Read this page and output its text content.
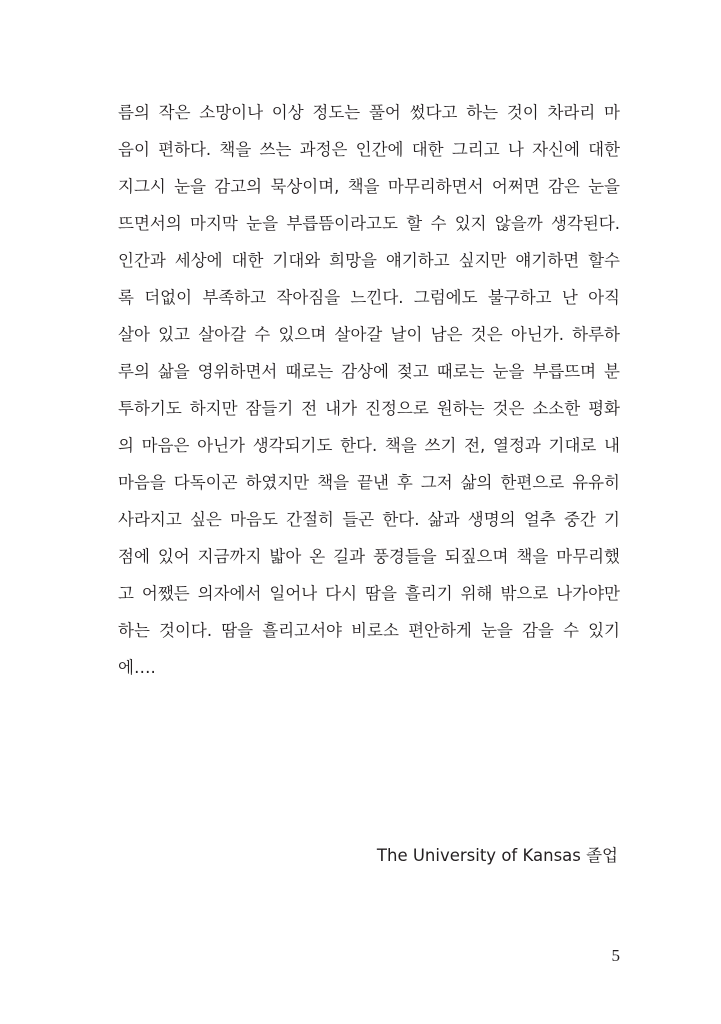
름의 작은 소망이나 이상 정도는 풀어 썼다고 하는 것이 차라리 마
음이 편하다. 책을 쓰는 과정은 인간에 대한 그리고 나 자신에 대한
지그시 눈을 감고의 묵상이며, 책을 마무리하면서 어쩌면 감은 눈을
뜨면서의 마지막 눈을 부릅뜸이라고도 할 수 있지 않을까 생각된다.
인간과 세상에 대한 기대와 희망을 얘기하고 싶지만 얘기하면 할수
록 더없이 부족하고 작아짐을 느낀다. 그럼에도 불구하고 난 아직
살아 있고 살아갈 수 있으며 살아갈 날이 남은 것은 아닌가. 하루하
루의 삶을 영위하면서 때로는 감상에 젖고 때로는 눈을 부릅뜨며 분
투하기도 하지만 잠들기 전 내가 진정으로 원하는 것은 소소한 평화
의 마음은 아닌가 생각되기도 한다. 책을 쓰기 전, 열정과 기대로 내
마음을 다독이곤 하였지만 책을 끝낸 후 그저 삶의 한편으로 유유히
사라지고 싶은 마음도 간절히 들곤 한다. 삶과 생명의 얼추 중간 기
점에 있어 지금까지 밟아 온 길과 풍경들을 되짚으며 책을 마무리했
고 어쨌든 의자에서 일어나 다시 땀을 흘리기 위해 밖으로 나가야만
하는 것이다. 땀을 흘리고서야 비로소 편안하게 눈을 감을 수 있기
에….
The University of Kansas 졸업
5
